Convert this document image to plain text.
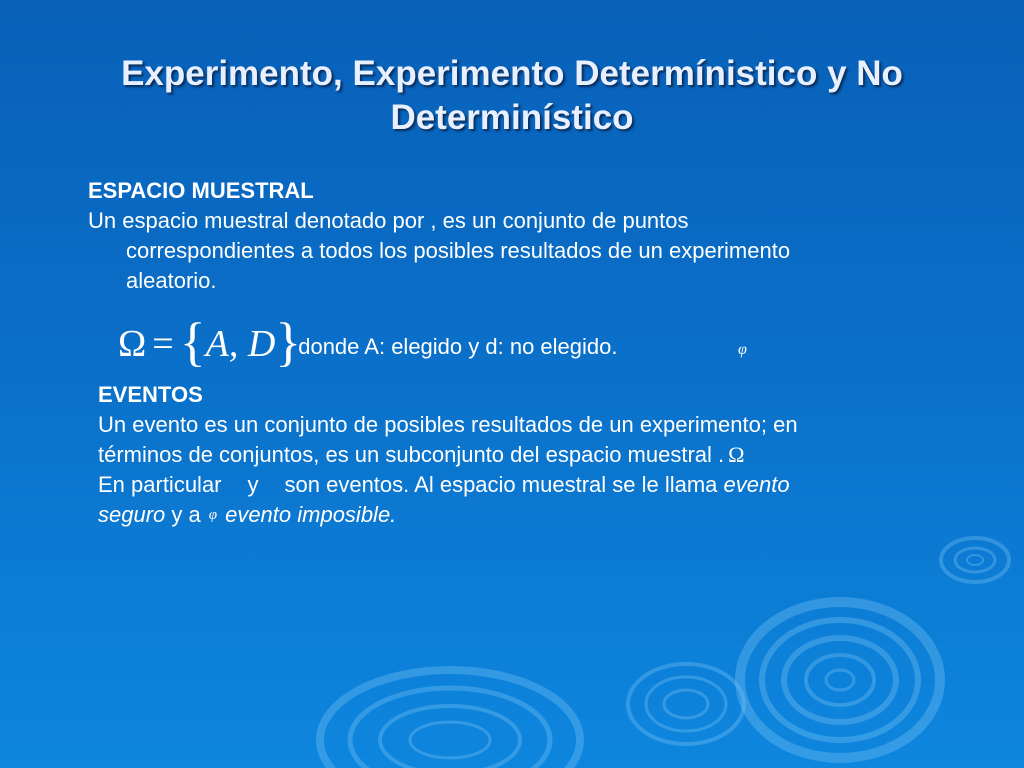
Experimento, Experimento Determínistico y No
Determinístico
ESPACIO MUESTRAL
Un espacio muestral denotado por , es un conjunto de puntos
correspondientes a todos los posibles resultados de un experimento
aleatorio.
Ω = {A, D}
, donde A: elegido y d: no elegido.	φ
EVENTOS
Un evento es un conjunto de posibles resultados de un experimento; en
términos de conjuntos, es un subconjunto del espacio muestral . Ω
En particular y son eventos. Al espacio muestral se le llama evento
seguro y a φ evento imposible.
